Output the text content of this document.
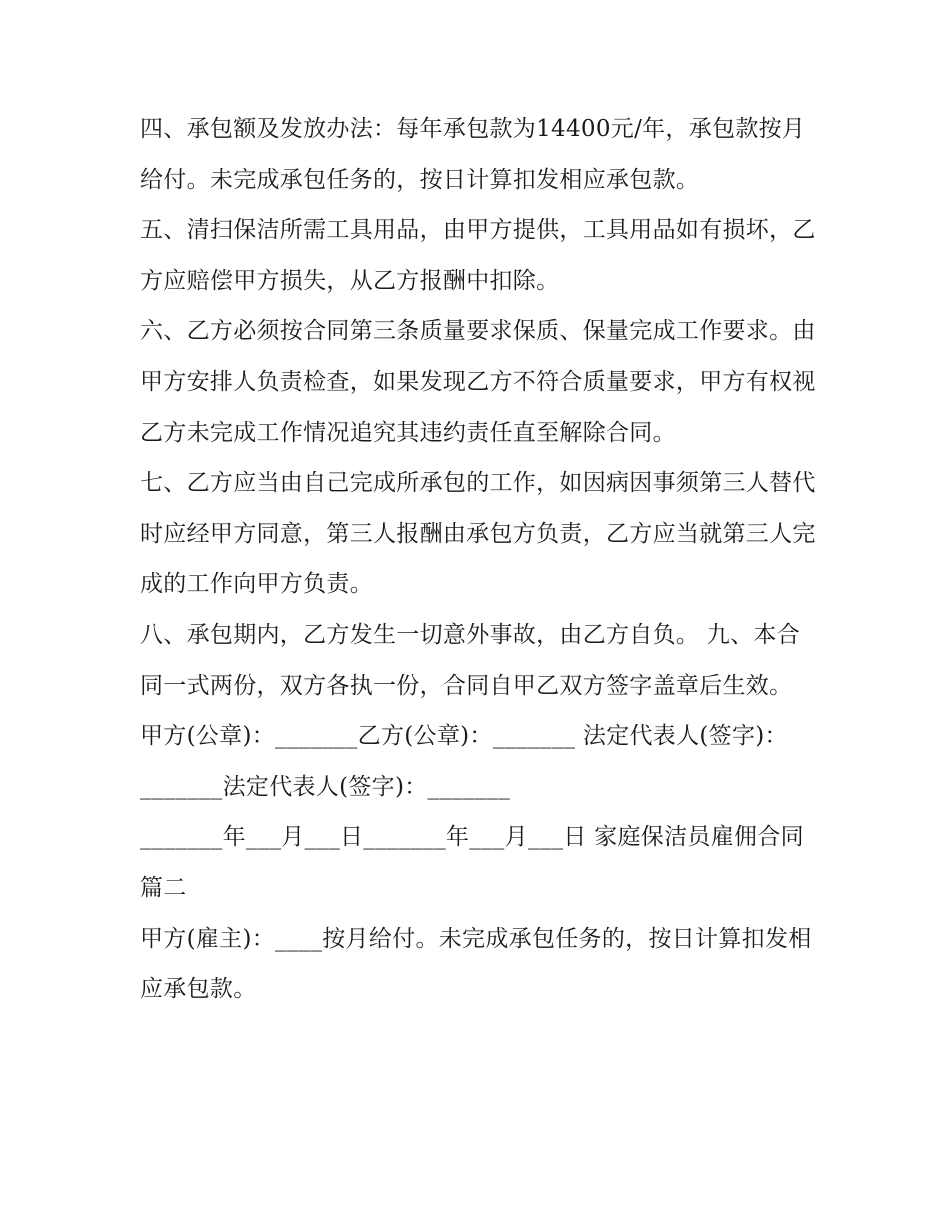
四、承包额及发放办法：每年承包款为14400元/年，承包款按月给付。未完成承包任务的，按日计算扣发相应承包款。

五、清扫保洁所需工具用品，由甲方提供，工具用品如有损坏，乙方应赔偿甲方损失，从乙方报酬中扣除。

六、乙方必须按合同第三条质量要求保质、保量完成工作要求。由甲方安排人负责检查，如果发现乙方不符合质量要求，甲方有权视乙方未完成工作情况追究其违约责任直至解除合同。

七、乙方应当由自己完成所承包的工作，如因病因事须第三人替代时应经甲方同意，第三人报酬由承包方负责，乙方应当就第三人完成的工作向甲方负责。

八、承包期内，乙方发生一切意外事故，由乙方自负。 九、本合同一式两份，双方各执一份，合同自甲乙双方签字盖章后生效。

甲方(公章)：_______乙方(公章)：_______ 法定代表人(签字)：_______法定代表人(签字)：_______

_______年___月___日_______年___月___日 家庭保洁员雇佣合同篇二

甲方(雇主)：____按月给付。未完成承包任务的，按日计算扣发相应承包款。
